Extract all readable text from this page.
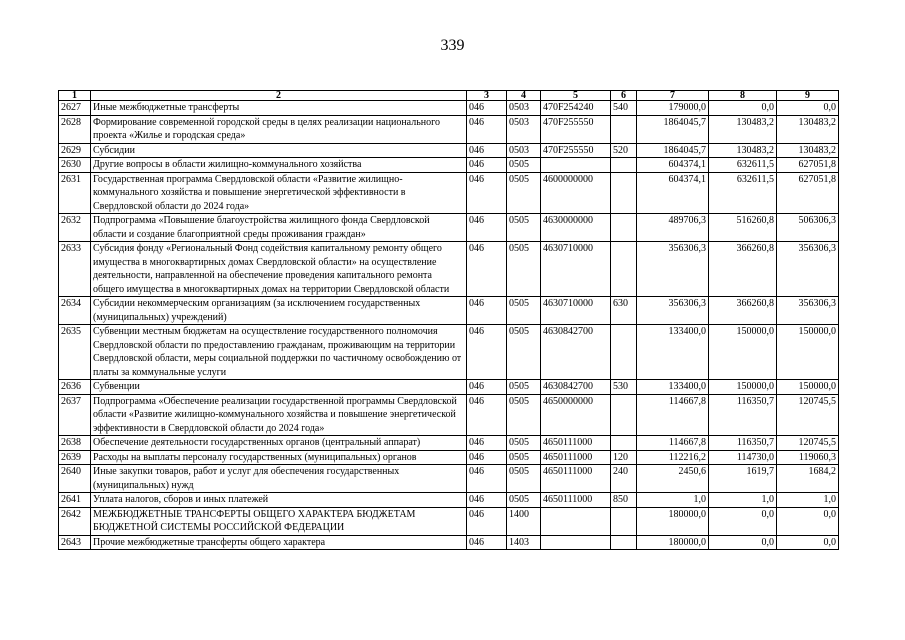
339
1	2	3	4	5	6	7	8	9
2627	Иные межбюджетные трансферты	046	0503	470F254240	540	179000,0	0,0	0,0
2628	Формирование современной городской среды в целях реализации национального проекта «Жилье и городская среда»	046	0503	470F255550		1864045,7	130483,2	130483,2
2629	Субсидии	046	0503	470F255550	520	1864045,7	130483,2	130483,2
2630	Другие вопросы в области жилищно-коммунального хозяйства	046	0505			604374,1	632611,5	627051,8
2631	Государственная программа Свердловской области «Развитие жилищно-коммунального хозяйства и повышение энергетической эффективности в Свердловской области до 2024 года»	046	0505	4600000000		604374,1	632611,5	627051,8
2632	Подпрограмма «Повышение благоустройства жилищного фонда Свердловской области и создание благоприятной среды проживания граждан»	046	0505	4630000000		489706,3	516260,8	506306,3
2633	Субсидия фонду «Региональный Фонд содействия капитальному ремонту общего имущества в многоквартирных домах Свердловской области» на осуществление деятельности, направленной на обеспечение проведения капитального ремонта общего имущества в многоквартирных домах на территории Свердловской области	046	0505	4630710000		356306,3	366260,8	356306,3
2634	Субсидии некоммерческим организациям (за исключением государственных (муниципальных) учреждений)	046	0505	4630710000	630	356306,3	366260,8	356306,3
2635	Субвенции местным бюджетам на осуществление государственного полномочия Свердловской области по предоставлению гражданам, проживающим на территории Свердловской области, меры социальной поддержки по частичному освобождению от платы за коммунальные услуги	046	0505	4630842700		133400,0	150000,0	150000,0
2636	Субвенции	046	0505	4630842700	530	133400,0	150000,0	150000,0
2637	Подпрограмма «Обеспечение реализации государственной программы Свердловской области «Развитие жилищно-коммунального хозяйства и повышение энергетической эффективности в Свердловской области до 2024 года»	046	0505	4650000000		114667,8	116350,7	120745,5
2638	Обеспечение деятельности государственных органов (центральный аппарат)	046	0505	4650111000		114667,8	116350,7	120745,5
2639	Расходы на выплаты персоналу государственных (муниципальных) органов	046	0505	4650111000	120	112216,2	114730,0	119060,3
2640	Иные закупки товаров, работ и услуг для обеспечения государственных (муниципальных) нужд	046	0505	4650111000	240	2450,6	1619,7	1684,2
2641	Уплата налогов, сборов и иных платежей	046	0505	4650111000	850	1,0	1,0	1,0
2642	МЕЖБЮДЖЕТНЫЕ ТРАНСФЕРТЫ ОБЩЕГО ХАРАКТЕРА БЮДЖЕТАМ БЮДЖЕТНОЙ СИСТЕМЫ РОССИЙСКОЙ ФЕДЕРАЦИИ	046	1400			180000,0	0,0	0,0
2643	Прочие межбюджетные трансферты общего характера	046	1403			180000,0	0,0	0,0
